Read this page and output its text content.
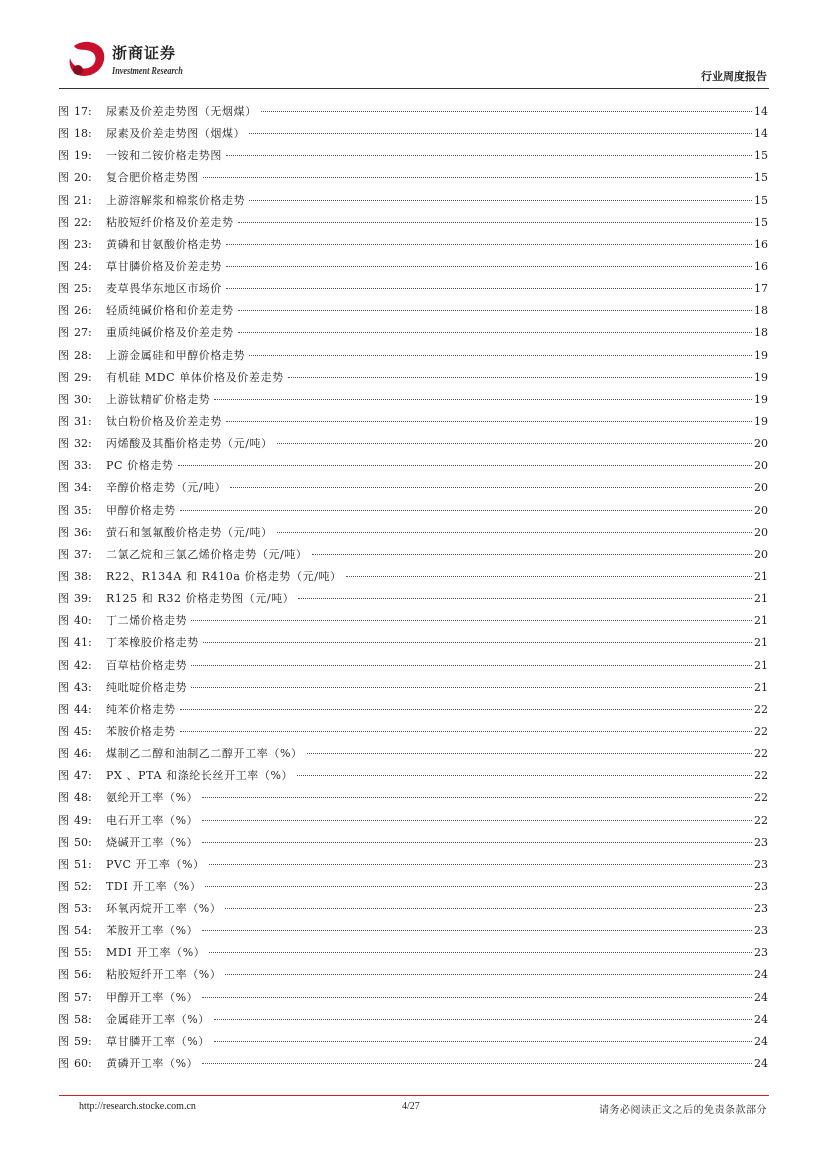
浙商证券
Investment Research	行业周度报告
图 17:	尿素及价差走势图（无烟煤）	14
图 18:	尿素及价差走势图（烟煤）	14
图 19:	一铵和二铵价格走势图	15
图 20:	复合肥价格走势图	15
图 21:	上游溶解浆和棉浆价格走势	15
图 22:	粘胶短纤价格及价差走势	15
图 23:	黄磷和甘氨酸价格走势	16
图 24:	草甘膦价格及价差走势	16
图 25:	麦草畏华东地区市场价	17
图 26:	轻质纯碱价格和价差走势	18
图 27:	重质纯碱价格及价差走势	18
图 28:	上游金属硅和甲醇价格走势	19
图 29:	有机硅 MDC 单体价格及价差走势	19
图 30:	上游钛精矿价格走势	19
图 31:	钛白粉价格及价差走势	19
图 32:	丙烯酸及其酯价格走势（元/吨）	20
图 33:	PC 价格走势	20
图 34:	辛醇价格走势（元/吨）	20
图 35:	甲醇价格走势	20
图 36:	萤石和氢氟酸价格走势（元/吨）	20
图 37:	二氯乙烷和三氯乙烯价格走势（元/吨）	20
图 38:	R22、R134A 和 R410a 价格走势（元/吨）	21
图 39:	R125 和 R32 价格走势图（元/吨）	21
图 40:	丁二烯价格走势	21
图 41:	丁苯橡胶价格走势	21
图 42:	百草枯价格走势	21
图 43:	纯吡啶价格走势	21
图 44:	纯苯价格走势	22
图 45:	苯胺价格走势	22
图 46:	煤制乙二醇和油制乙二醇开工率（%）	22
图 47:	PX 、PTA 和涤纶长丝开工率（%）	22
图 48:	氨纶开工率（%）	22
图 49:	电石开工率（%）	22
图 50:	烧碱开工率（%）	23
图 51:	PVC 开工率（%）	23
图 52:	TDI 开工率（%）	23
图 53:	环氧丙烷开工率（%）	23
图 54:	苯胺开工率（%）	23
图 55:	MDI 开工率（%）	23
图 56:	粘胶短纤开工率（%）	24
图 57:	甲醇开工率（%）	24
图 58:	金属硅开工率（%）	24
图 59:	草甘膦开工率（%）	24
图 60:	黄磷开工率（%）	24
http://research.stocke.com.cn	4/27	请务必阅读正文之后的免责条款部分
